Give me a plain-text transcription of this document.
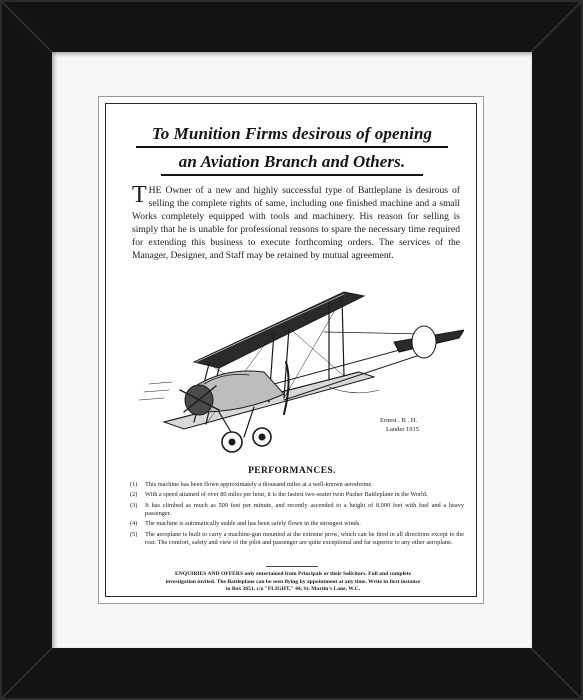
To Munition Firms desirous of opening
an Aviation Branch and Others.
T HE Owner of a new and highly successful type of Battleplane is desirous of selling the complete rights of same, including one finished machine and a small Works completely equipped with tools and machinery. His reason for selling is simply that he is unable for professional reasons to spare the necessary time required for extending this business to execute forthcoming orders. The services of the Manager, Designer, and Staff may be retained by mutual agreement.
Ernest . B . H.
Lander 1915
PERFORMANCES.
(1)	This machine has been flown approximately a thousand miles at a well-known aerodrome.
(2)	With a speed attained of over 80 miles per hour, it is the fastest two-seater twin Pusher Battleplane in the World.
(3)	It has climbed as much as 500 feet per minute, and recently ascended to a height of 8,000 feet with fuel and a heavy passenger.
(4)	The machine is automatically stable and has been safely flown in the strongest winds.
(5)	The aeroplane is built to carry a machine-gun mounted at the extreme prow, which can be fired in all directions except to the rear. The comfort, safety and view of the pilot and passenger are quite exceptional and far superior to any other aeroplane.
ENQUIRIES AND OFFERS only entertained from Principals or their Solicitors. Full and complete
investigation invited. The Battleplane can be seen flying by appointment at any time. Write in first instance
to Box 3651, c/o "FLIGHT," 44, St. Martin's Lane, W.C.
